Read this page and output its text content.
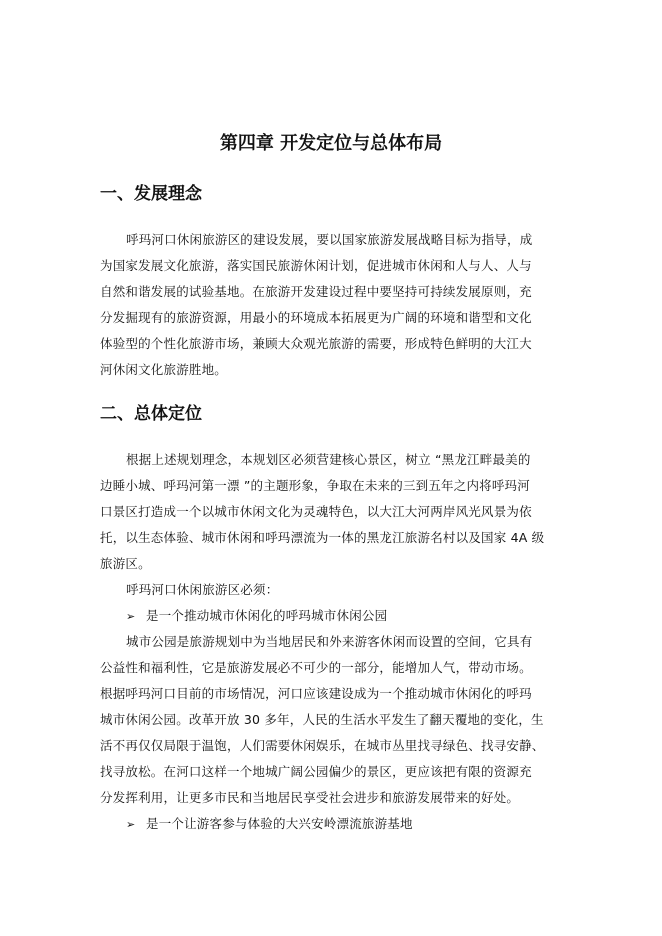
第四章 开发定位与总体布局
一、发展理念
呼玛河口休闲旅游区的建设发展，要以国家旅游发展战略目标为指导，成
为国家发展文化旅游，落实国民旅游休闲计划，促进城市休闲和人与人、人与
自然和谐发展的试验基地。在旅游开发建设过程中要坚持可持续发展原则，充
分发掘现有的旅游资源，用最小的环境成本拓展更为广阔的环境和谐型和文化
体验型的个性化旅游市场，兼顾大众观光旅游的需要，形成特色鲜明的大江大
河休闲文化旅游胜地。
二、总体定位
根据上述规划理念，本规划区必须营建核心景区，树立 “黑龙江畔最美的
边睡小城、呼玛河第一漂 ”的主题形象，争取在未来的三到五年之内将呼玛河
口景区打造成一个以城市休闲文化为灵魂特色，以大江大河两岸风光风景为依
托，以生态体验、城市休闲和呼玛漂流为一体的黑龙江旅游名村以及国家 4A 级
旅游区。
呼玛河口休闲旅游区必须：
➢ 是一个推动城市休闲化的呼玛城市休闲公园
城市公园是旅游规划中为当地居民和外来游客休闲而设置的空间，它具有
公益性和福利性，它是旅游发展必不可少的一部分，能增加人气，带动市场。
根据呼玛河口目前的市场情况，河口应该建设成为一个推动城市休闲化的呼玛
城市休闲公园。改革开放 30 多年，人民的生活水平发生了翻天覆地的变化，生
活不再仅仅局限于温饱，人们需要休闲娱乐，在城市丛里找寻绿色、找寻安静、
找寻放松。在河口这样一个地城广阔公园偏少的景区，更应该把有限的资源充
分发挥利用，让更多市民和当地居民享受社会进步和旅游发展带来的好处。
➢ 是一个让游客参与体验的大兴安岭漂流旅游基地
